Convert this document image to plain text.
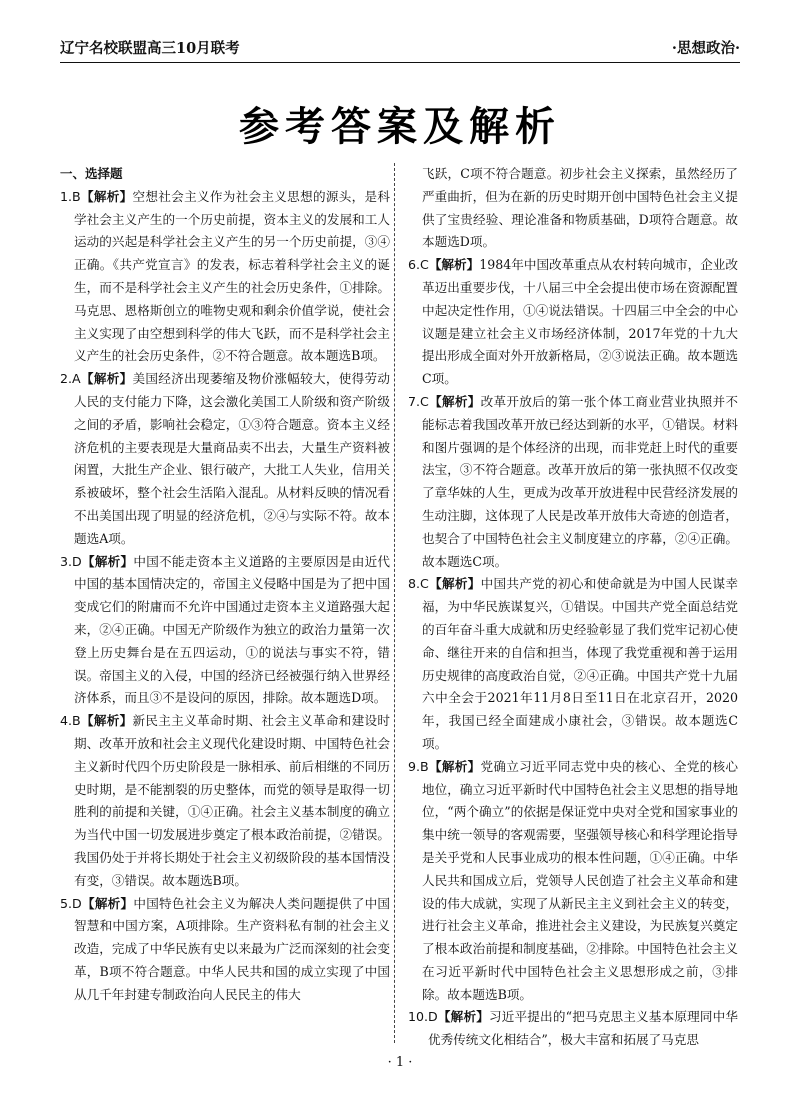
辽宁名校联盟高三10月联考	·思想政治·
参考答案及解析
一、选择题
1.B【解析】空想社会主义作为社会主义思想的源头，是科学社会主义产生的一个历史前提，资本主义的发展和工人运动的兴起是科学社会主义产生的另一个历史前提，③④正确。《共产党宣言》的发表，标志着科学社会主义的诞生，而不是科学社会主义产生的社会历史条件，①排除。马克思、恩格斯创立的唯物史观和剩余价值学说，使社会主义实现了由空想到科学的伟大飞跃，而不是科学社会主义产生的社会历史条件，②不符合题意。故本题选B项。
2.A【解析】美国经济出现萎缩及物价涨幅较大，使得劳动人民的支付能力下降，这会激化美国工人阶级和资产阶级之间的矛盾，影响社会稳定，①③符合题意。资本主义经济危机的主要表现是大量商品卖不出去，大量生产资料被闲置，大批生产企业、银行破产，大批工人失业，信用关系被破坏，整个社会生活陷入混乱。从材料反映的情况看不出美国出现了明显的经济危机，②④与实际不符。故本题选A项。
3.D【解析】中国不能走资本主义道路的主要原因是由近代中国的基本国情决定的，帝国主义侵略中国是为了把中国变成它们的附庸而不允许中国通过走资本主义道路强大起来，②④正确。中国无产阶级作为独立的政治力量第一次登上历史舞台是在五四运动，①的说法与事实不符，错误。帝国主义的入侵，中国的经济已经被强行纳入世界经济体系，而且③不是设问的原因，排除。故本题选D项。
4.B【解析】新民主主义革命时期、社会主义革命和建设时期、改革开放和社会主义现代化建设时期、中国特色社会主义新时代四个历史阶段是一脉相承、前后相继的不同历史时期，是不能割裂的历史整体，而党的领导是取得一切胜利的前提和关键，①④正确。社会主义基本制度的确立为当代中国一切发展进步奠定了根本政治前提，②错误。我国仍处于并将长期处于社会主义初级阶段的基本国情没有变，③错误。故本题选B项。
5.D【解析】中国特色社会主义为解决人类问题提供了中国智慧和中国方案，A项排除。生产资料私有制的社会主义改造，完成了中华民族有史以来最为广泛而深刻的社会变革，B项不符合题意。中华人民共和国的成立实现了中国从几千年封建专制政治向人民民主的伟大
飞跃，C项不符合题意。初步社会主义探索，虽然经历了严重曲折，但为在新的历史时期开创中国特色社会主义提供了宝贵经验、理论准备和物质基础，D项符合题意。故本题选D项。
6.C【解析】1984年中国改革重点从农村转向城市，企业改革迈出重要步伐，十八届三中全会提出使市场在资源配置中起决定性作用，①④说法错误。十四届三中全会的中心议题是建立社会主义市场经济体制，2017年党的十九大提出形成全面对外开放新格局，②③说法正确。故本题选C项。
7.C【解析】改革开放后的第一张个体工商业营业执照并不能标志着我国改革开放已经达到新的水平，①错误。材料和图片强调的是个体经济的出现，而非党赶上时代的重要法宝，③不符合题意。改革开放后的第一张执照不仅改变了章华妹的人生，更成为改革开放进程中民营经济发展的生动注脚，这体现了人民是改革开放伟大奇迹的创造者，也契合了中国特色社会主义制度建立的序幕，②④正确。故本题选C项。
8.C【解析】中国共产党的初心和使命就是为中国人民谋幸福，为中华民族谋复兴，①错误。中国共产党全面总结党的百年奋斗重大成就和历史经验彰显了我们党牢记初心使命、继往开来的自信和担当，体现了我党重视和善于运用历史规律的高度政治自觉，②④正确。中国共产党十九届六中全会于2021年11月8日至11日在北京召开，2020年，我国已经全面建成小康社会，③错误。故本题选C项。
9.B【解析】党确立习近平同志党中央的核心、全党的核心地位，确立习近平新时代中国特色社会主义思想的指导地位，“两个确立”的依据是保证党中央对全党和国家事业的集中统一领导的客观需要，坚强领导核心和科学理论指导是关乎党和人民事业成功的根本性问题，①④正确。中华人民共和国成立后，党领导人民创造了社会主义革命和建设的伟大成就，实现了从新民主主义到社会主义的转变，进行社会主义革命，推进社会主义建设，为民族复兴奠定了根本政治前提和制度基础，②排除。中国特色社会主义在习近平新时代中国特色社会主义思想形成之前，③排除。故本题选B项。
10.D【解析】习近平提出的“把马克思主义基本原理同中华优秀传统文化相结合”，极大丰富和拓展了马克思
· 1 ·
